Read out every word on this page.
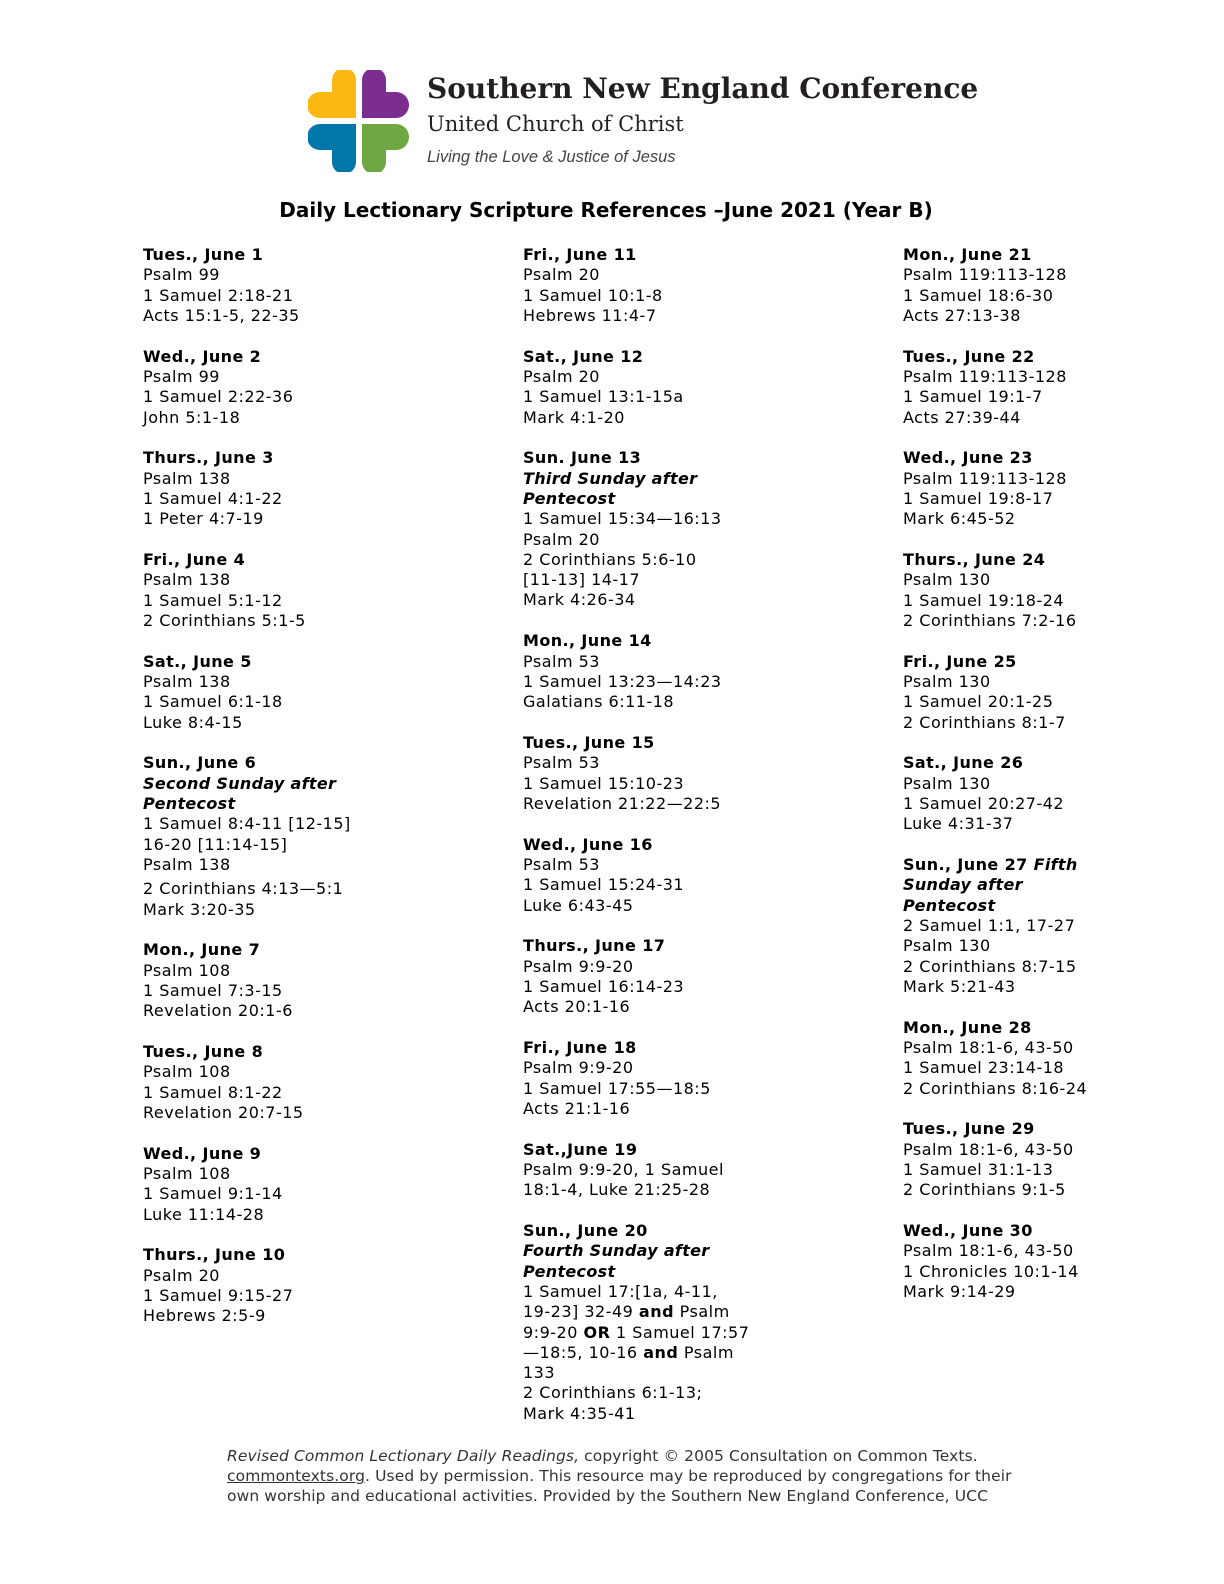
Southern New England Conference
United Church of Christ
Living the Love & Justice of Jesus
Daily Lectionary Scripture References –June 2021 (Year B)
Tues., June 1
Psalm 99
1 Samuel 2:18-21
Acts 15:1-5, 22-35
Wed., June 2
Psalm 99
1 Samuel 2:22-36
John 5:1-18
Thurs., June 3
Psalm 138
1 Samuel 4:1-22
1 Peter 4:7-19
Fri., June 4
Psalm 138
1 Samuel 5:1-12
2 Corinthians 5:1-5
Sat., June 5
Psalm 138
1 Samuel 6:1-18
Luke 8:4-15
Sun., June 6
Second Sunday after
Pentecost
1 Samuel 8:4-11 [12-15]
16-20 [11:14-15]
Psalm 138
2 Corinthians 4:13—5:1
Mark 3:20-35
Mon., June 7
Psalm 108
1 Samuel 7:3-15
Revelation 20:1-6
Tues., June 8
Psalm 108
1 Samuel 8:1-22
Revelation 20:7-15
Wed., June 9
Psalm 108
1 Samuel 9:1-14
Luke 11:14-28
Thurs., June 10
Psalm 20
1 Samuel 9:15-27
Hebrews 2:5-9
Fri., June 11
Psalm 20
1 Samuel 10:1-8
Hebrews 11:4-7
Sat., June 12
Psalm 20
1 Samuel 13:1-15a
Mark 4:1-20
Sun. June 13
Third Sunday after
Pentecost
1 Samuel 15:34—16:13
Psalm 20
2 Corinthians 5:6-10
[11-13] 14-17
Mark 4:26-34
Mon., June 14
Psalm 53
1 Samuel 13:23—14:23
Galatians 6:11-18
Tues., June 15
Psalm 53
1 Samuel 15:10-23
Revelation 21:22—22:5
Wed., June 16
Psalm 53
1 Samuel 15:24-31
Luke 6:43-45
Thurs., June 17
Psalm 9:9-20
1 Samuel 16:14-23
Acts 20:1-16
Fri., June 18
Psalm 9:9-20
1 Samuel 17:55—18:5
Acts 21:1-16
Sat.,June 19
Psalm 9:9-20, 1 Samuel
18:1-4, Luke 21:25-28
Sun., June 20
Fourth Sunday after
Pentecost
1 Samuel 17:[1a, 4-11,
19-23] 32-49 and Psalm
9:9-20 OR 1 Samuel 17:57
—18:5, 10-16 and Psalm
133
2 Corinthians 6:1-13;
Mark 4:35-41
Mon., June 21
Psalm 119:113-128
1 Samuel 18:6-30
Acts 27:13-38
Tues., June 22
Psalm 119:113-128
1 Samuel 19:1-7
Acts 27:39-44
Wed., June 23
Psalm 119:113-128
1 Samuel 19:8-17
Mark 6:45-52
Thurs., June 24
Psalm 130
1 Samuel 19:18-24
2 Corinthians 7:2-16
Fri., June 25
Psalm 130
1 Samuel 20:1-25
2 Corinthians 8:1-7
Sat., June 26
Psalm 130
1 Samuel 20:27-42
Luke 4:31-37
Sun., June 27 Fifth
Sunday after
Pentecost
2 Samuel 1:1, 17-27
Psalm 130
2 Corinthians 8:7-15
Mark 5:21-43
Mon., June 28
Psalm 18:1-6, 43-50
1 Samuel 23:14-18
2 Corinthians 8:16-24
Tues., June 29
Psalm 18:1-6, 43-50
1 Samuel 31:1-13
2 Corinthians 9:1-5
Wed., June 30
Psalm 18:1-6, 43-50
1 Chronicles 10:1-14
Mark 9:14-29
Revised Common Lectionary Daily Readings, copyright © 2005 Consultation on Common Texts.
commontexts.org. Used by permission. This resource may be reproduced by congregations for their
own worship and educational activities. Provided by the Southern New England Conference, UCC
